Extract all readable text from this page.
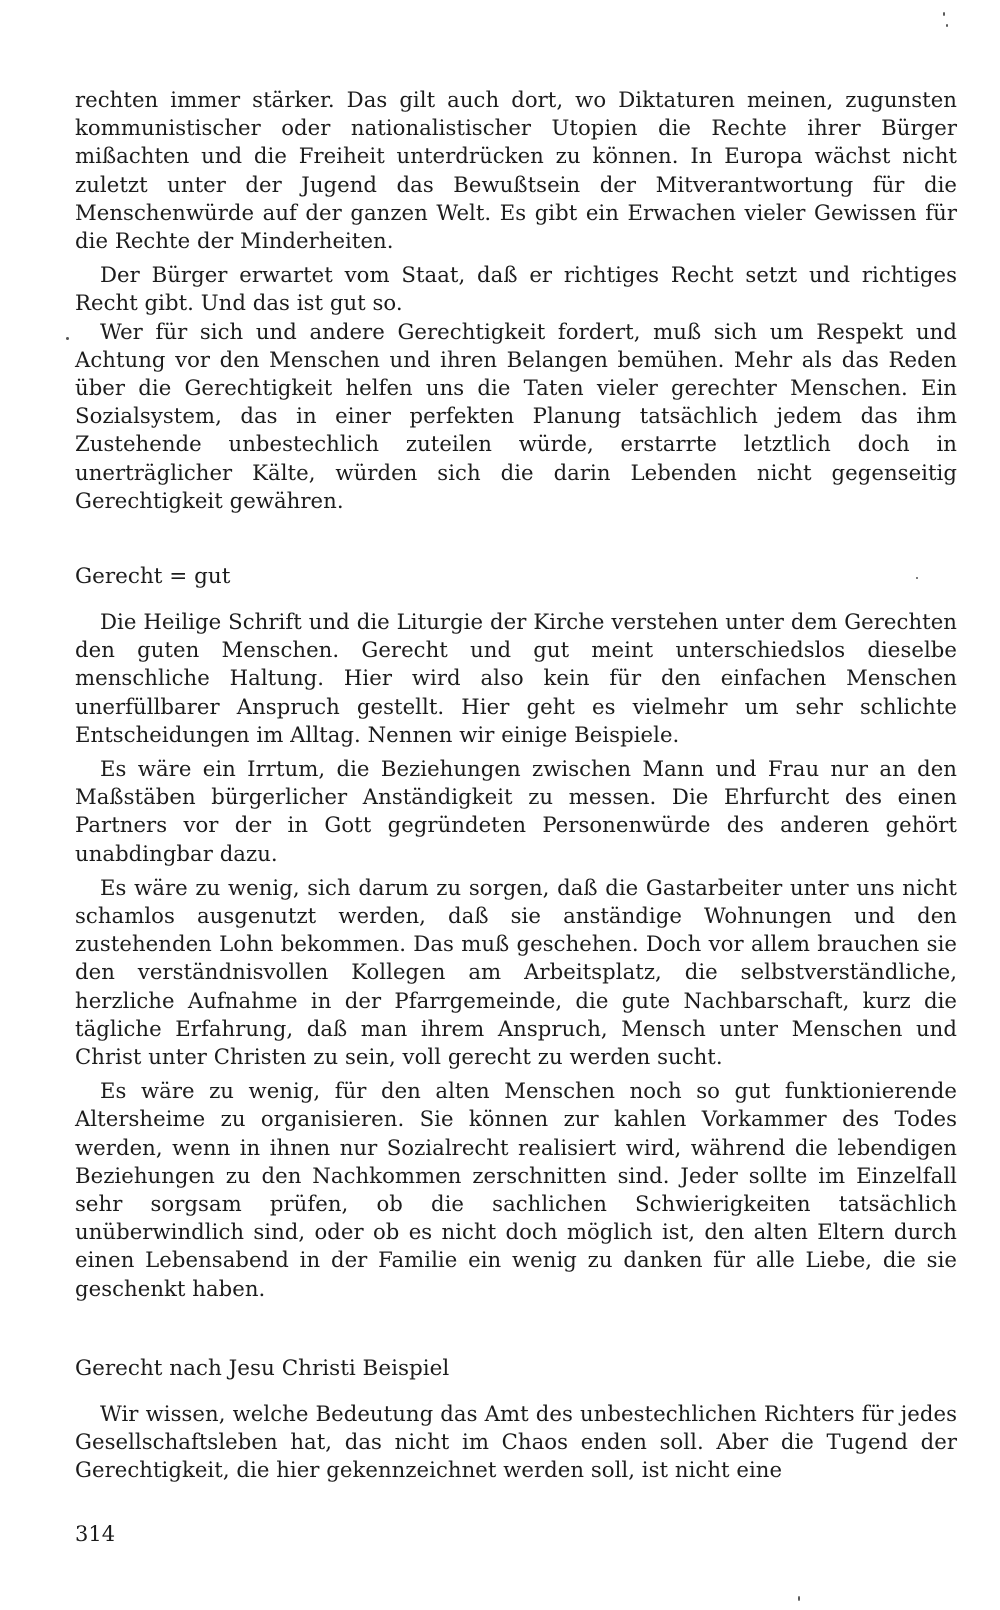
rechten immer stärker. Das gilt auch dort, wo Diktaturen meinen, zugunsten kommunistischer oder nationalistischer Utopien die Rechte ihrer Bürger mißachten und die Freiheit unterdrücken zu können. In Europa wächst nicht zuletzt unter der Jugend das Bewußtsein der Mitverantwortung für die Menschenwürde auf der ganzen Welt. Es gibt ein Erwachen vieler Gewissen für die Rechte der Minderheiten.

Der Bürger erwartet vom Staat, daß er richtiges Recht setzt und richtiges Recht gibt. Und das ist gut so.

Wer für sich und andere Gerechtigkeit fordert, muß sich um Respekt und Achtung vor den Menschen und ihren Belangen bemühen. Mehr als das Reden über die Gerechtigkeit helfen uns die Taten vieler gerechter Menschen. Ein Sozialsystem, das in einer perfekten Planung tatsächlich jedem das ihm Zustehende unbestechlich zuteilen würde, erstarrte letztlich doch in unerträglicher Kälte, würden sich die darin Lebenden nicht gegenseitig Gerechtigkeit gewähren.

Gerecht = gut

Die Heilige Schrift und die Liturgie der Kirche verstehen unter dem Gerechten den guten Menschen. Gerecht und gut meint unterschiedslos dieselbe menschliche Haltung. Hier wird also kein für den einfachen Menschen unerfüllbarer Anspruch gestellt. Hier geht es vielmehr um sehr schlichte Entscheidungen im Alltag. Nennen wir einige Beispiele.

Es wäre ein Irrtum, die Beziehungen zwischen Mann und Frau nur an den Maßstäben bürgerlicher Anständigkeit zu messen. Die Ehrfurcht des einen Partners vor der in Gott gegründeten Personenwürde des anderen gehört unabdingbar dazu.

Es wäre zu wenig, sich darum zu sorgen, daß die Gastarbeiter unter uns nicht schamlos ausgenutzt werden, daß sie anständige Wohnungen und den zustehenden Lohn bekommen. Das muß geschehen. Doch vor allem brauchen sie den verständnisvollen Kollegen am Arbeitsplatz, die selbstverständliche, herzliche Aufnahme in der Pfarrgemeinde, die gute Nachbarschaft, kurz die tägliche Erfahrung, daß man ihrem Anspruch, Mensch unter Menschen und Christ unter Christen zu sein, voll gerecht zu werden sucht.

Es wäre zu wenig, für den alten Menschen noch so gut funktionierende Altersheime zu organisieren. Sie können zur kahlen Vorkammer des Todes werden, wenn in ihnen nur Sozialrecht realisiert wird, während die lebendigen Beziehungen zu den Nachkommen zerschnitten sind. Jeder sollte im Einzelfall sehr sorgsam prüfen, ob die sachlichen Schwierigkeiten tatsächlich unüberwindlich sind, oder ob es nicht doch möglich ist, den alten Eltern durch einen Lebensabend in der Familie ein wenig zu danken für alle Liebe, die sie geschenkt haben.

Gerecht nach Jesu Christi Beispiel

Wir wissen, welche Bedeutung das Amt des unbestechlichen Richters für jedes Gesellschaftsleben hat, das nicht im Chaos enden soll. Aber die Tugend der Gerechtigkeit, die hier gekennzeichnet werden soll, ist nicht eine

314
